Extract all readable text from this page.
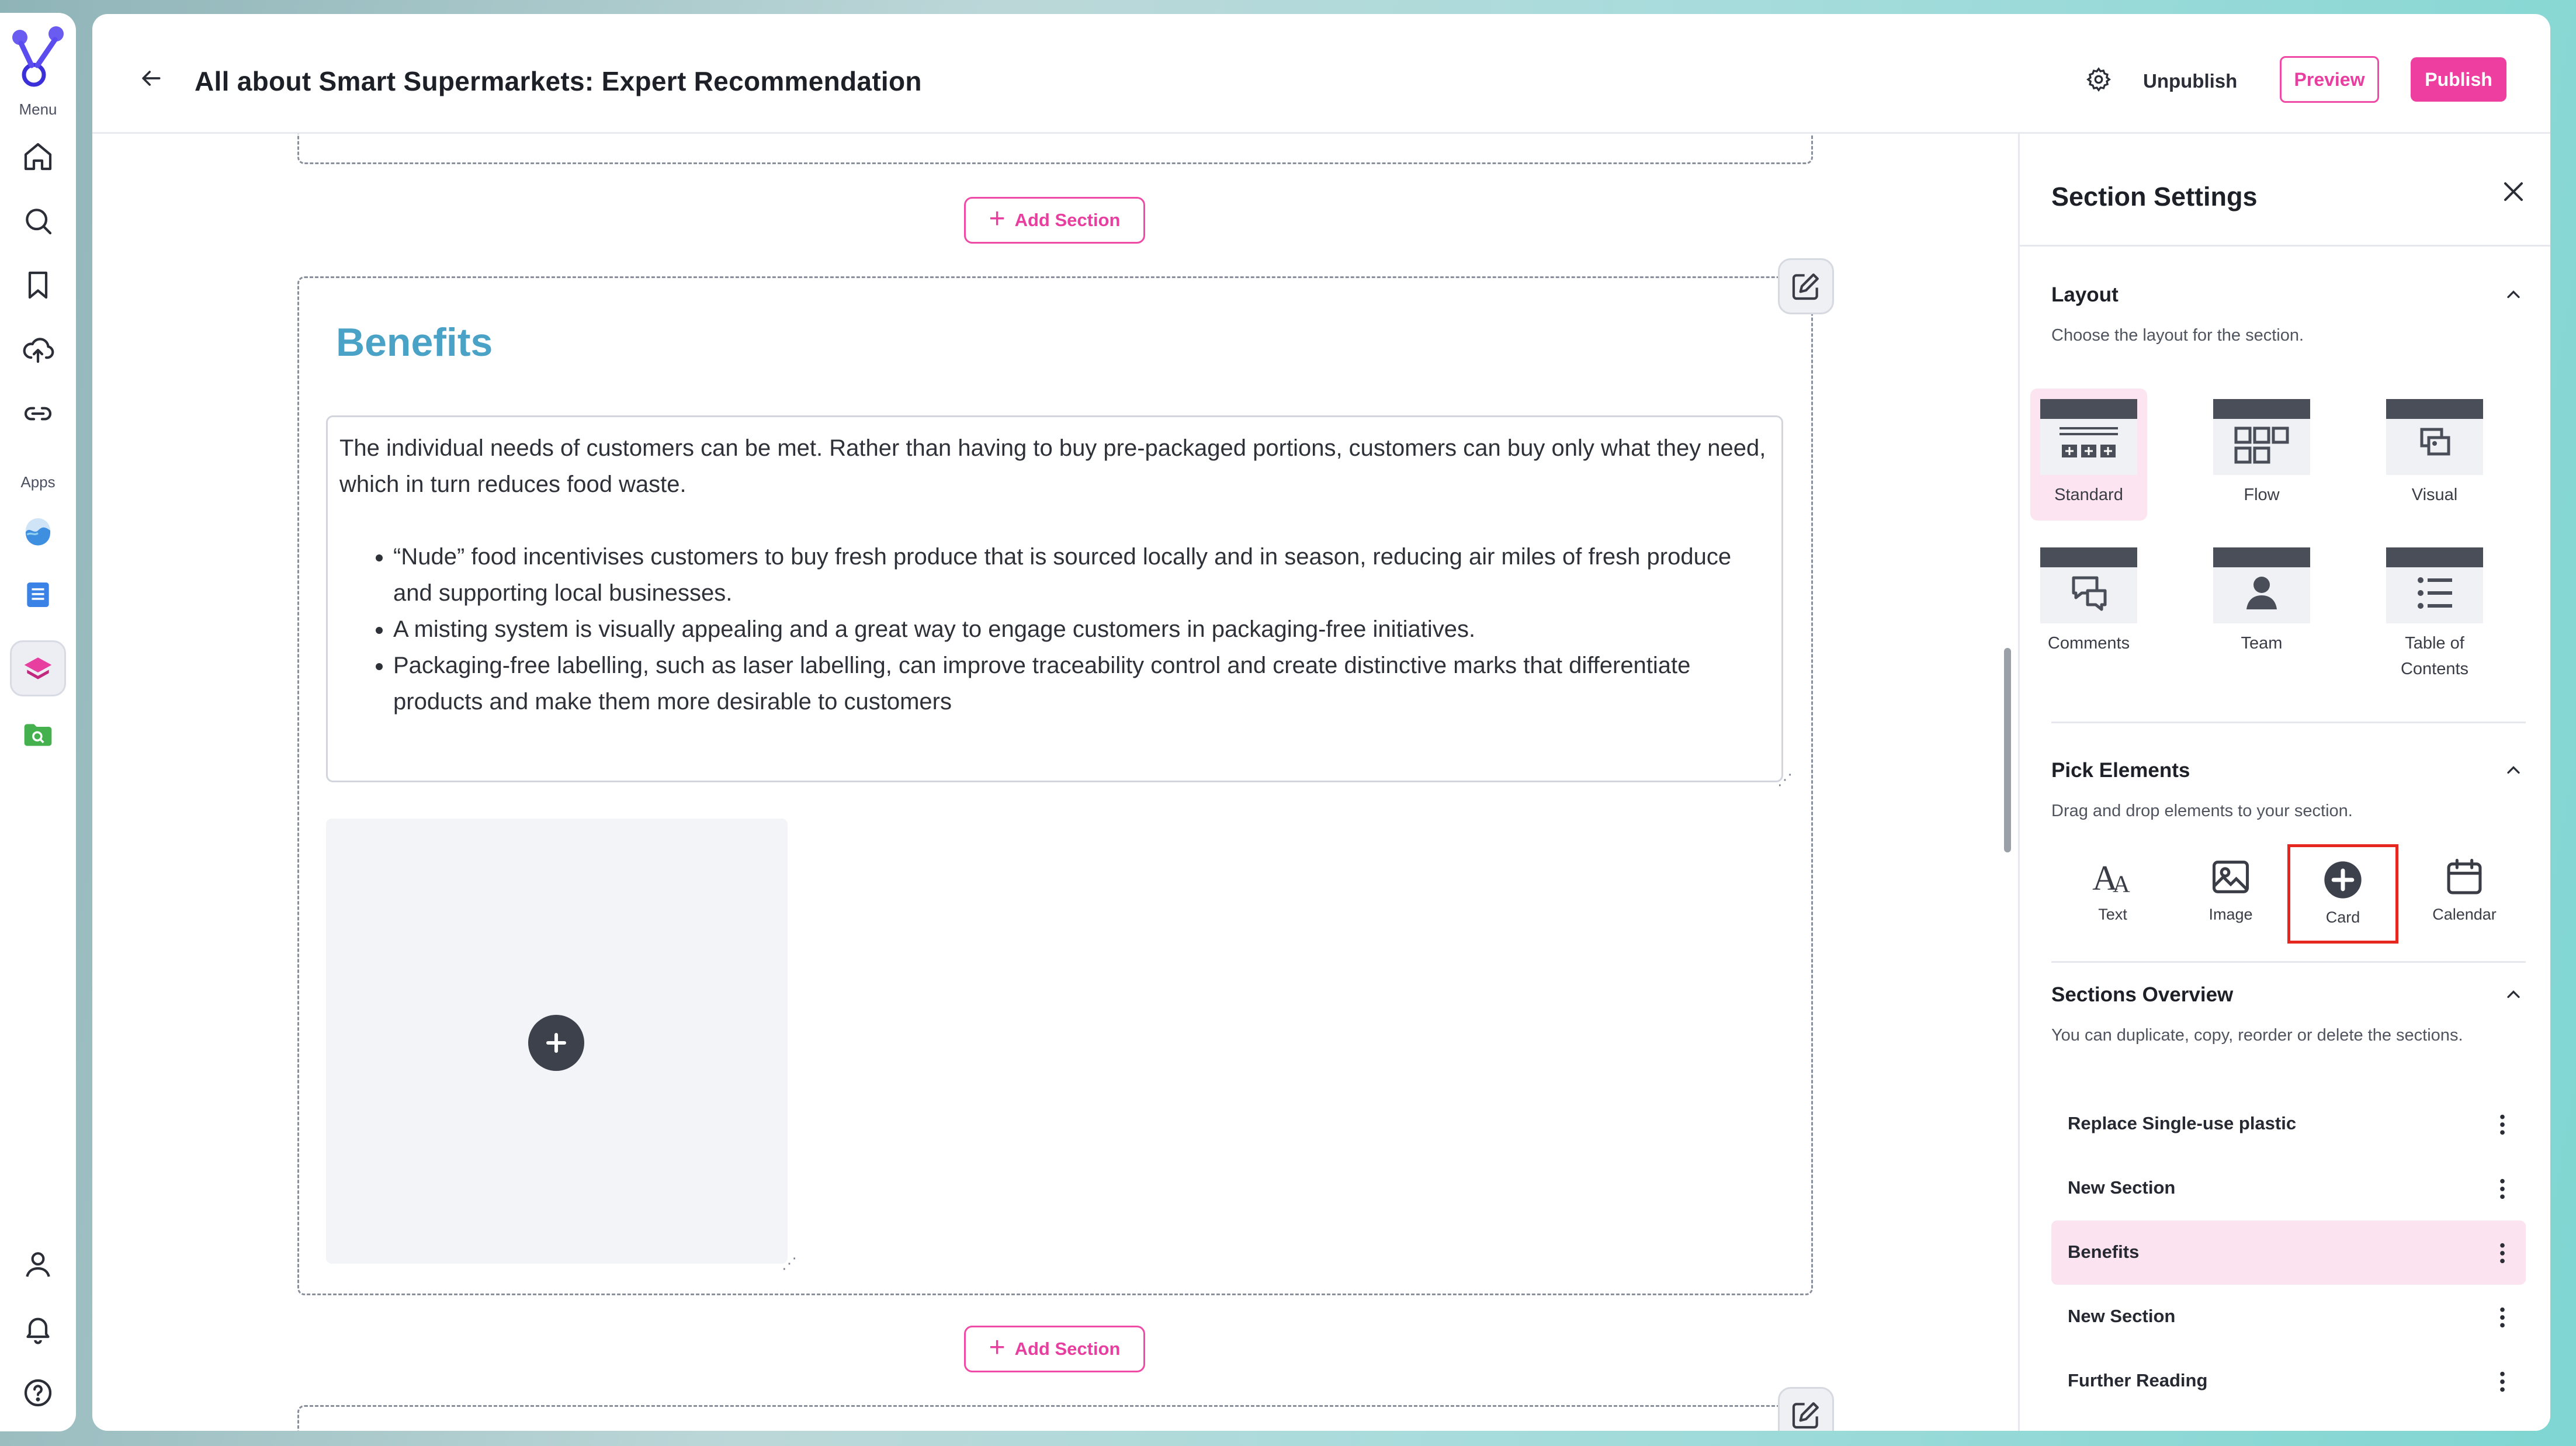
Menu
Apps
All about Smart Supermarkets: Expert Recommendation	Unpublish	Preview	Publish
+ Add Section
Benefits

The individual needs of customers can be met. Rather than having to buy pre-packaged portions, customers can buy only what they need, which in turn reduces food waste.

• “Nude” food incentivises customers to buy fresh produce that is sourced locally and in season, reducing air miles of fresh produce and supporting local businesses.
• A misting system is visually appealing and a great way to engage customers in packaging-free initiatives.
• Packaging-free labelling, such as laser labelling, can improve traceability control and create distinctive marks that differentiate products and make them more desirable to customers
⋰
⋰
+ Add Section
Section Settings
Layout
Choose the layout for the section.
Standard	Flow	Visual
Comments	Team	Table of Contents
Pick Elements
Drag and drop elements to your section.
A
A
Text	Image	Card	Calendar
Sections Overview
You can duplicate, copy, reorder or delete the sections.
Replace Single-use plastic
New Section
Benefits
New Section
Further Reading
